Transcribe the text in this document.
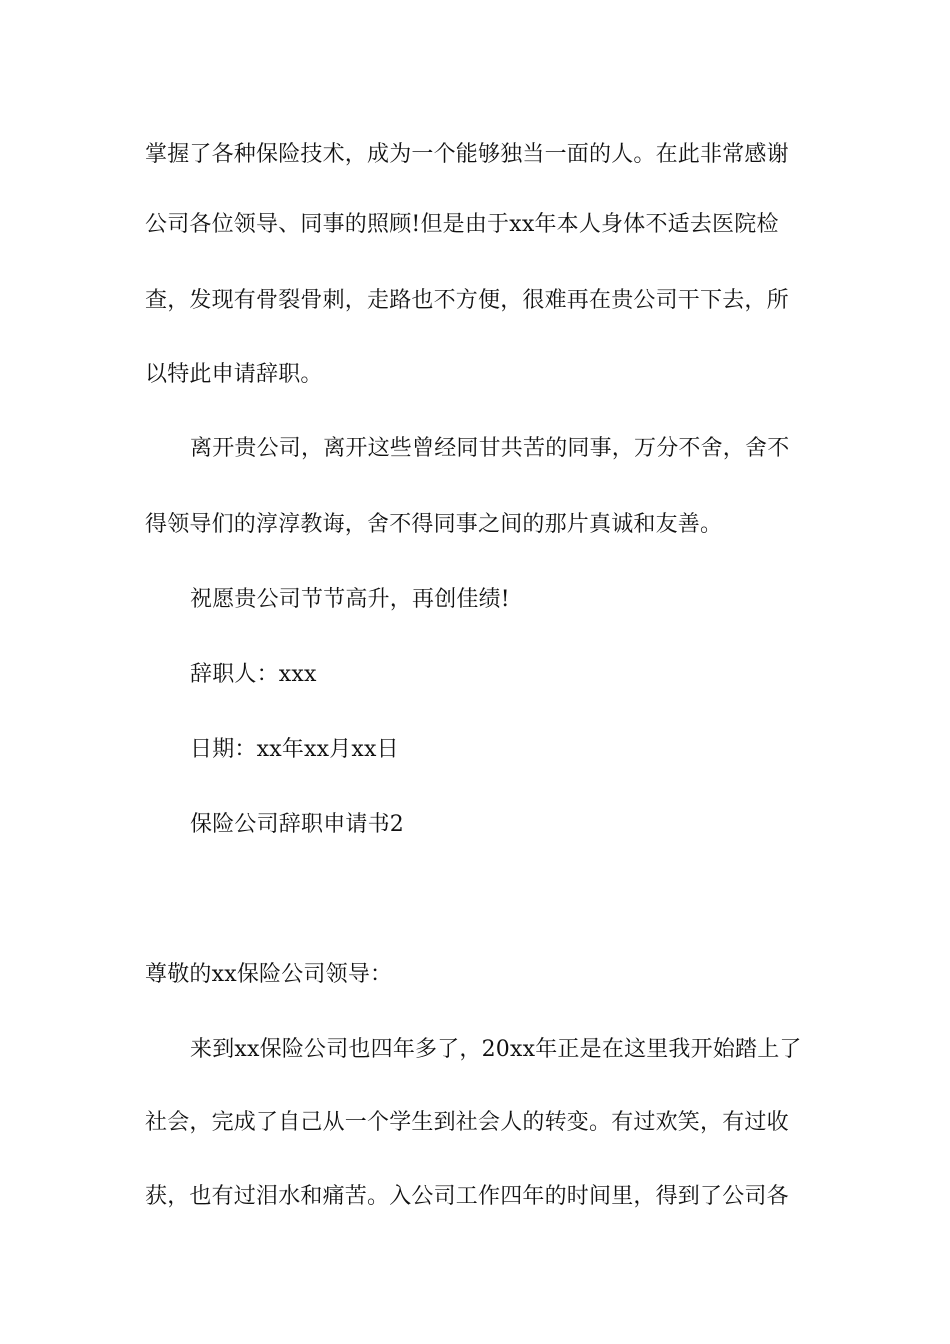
掌握了各种保险技术，成为一个能够独当一面的人。在此非常感谢
公司各位领导、同事的照顾!但是由于xx年本人身体不适去医院检
查，发现有骨裂骨刺，走路也不方便，很难再在贵公司干下去，所
以特此申请辞职。
离开贵公司，离开这些曾经同甘共苦的同事，万分不舍，舍不
得领导们的淳淳教诲，舍不得同事之间的那片真诚和友善。
祝愿贵公司节节高升，再创佳绩!
辞职人：xxx
日期：xx年xx月xx日
保险公司辞职申请书2
尊敬的xx保险公司领导：
来到xx保险公司也四年多了，20xx年正是在这里我开始踏上了
社会，完成了自己从一个学生到社会人的转变。有过欢笑，有过收
获，也有过泪水和痛苦。入公司工作四年的时间里，得到了公司各
